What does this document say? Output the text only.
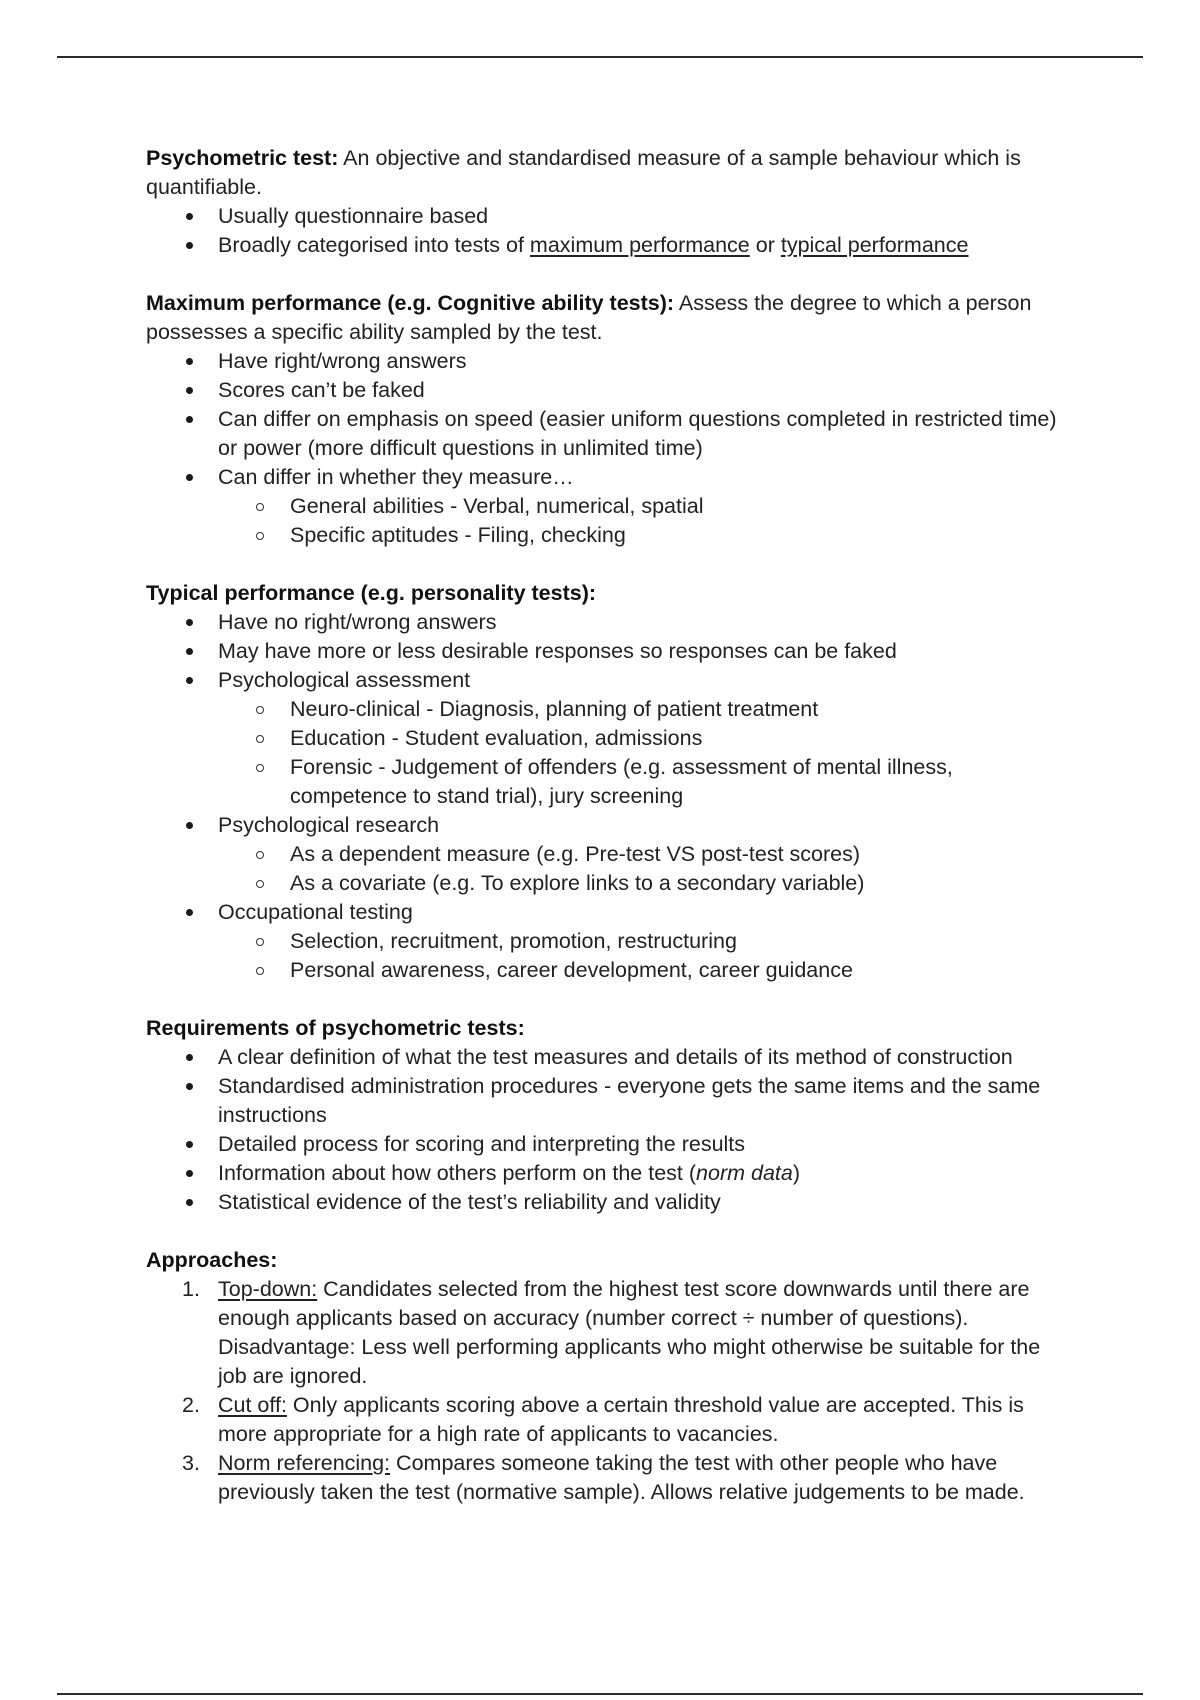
Psychometric test: An objective and standardised measure of a sample behaviour which is quantifiable.

Usually questionnaire based
Broadly categorised into tests of maximum performance or typical performance

Maximum performance (e.g. Cognitive ability tests): Assess the degree to which a person possesses a specific ability sampled by the test.

Have right/wrong answers
Scores can’t be faked
Can differ on emphasis on speed (easier uniform questions completed in restricted time) or power (more difficult questions in unlimited time)
Can differ in whether they measure…
General abilities - Verbal, numerical, spatial
Specific aptitudes - Filing, checking

Typical performance (e.g. personality tests):

Have no right/wrong answers
May have more or less desirable responses so responses can be faked
Psychological assessment
Neuro-clinical - Diagnosis, planning of patient treatment
Education - Student evaluation, admissions
Forensic - Judgement of offenders (e.g. assessment of mental illness, competence to stand trial), jury screening
Psychological research
As a dependent measure (e.g. Pre-test VS post-test scores)
As a covariate (e.g. To explore links to a secondary variable)
Occupational testing
Selection, recruitment, promotion, restructuring
Personal awareness, career development, career guidance

Requirements of psychometric tests:

A clear definition of what the test measures and details of its method of construction
Standardised administration procedures - everyone gets the same items and the same instructions
Detailed process for scoring and interpreting the results
Information about how others perform on the test (norm data)
Statistical evidence of the test’s reliability and validity

Approaches:

1. Top-down: Candidates selected from the highest test score downwards until there are enough applicants based on accuracy (number correct ÷ number of questions). Disadvantage: Less well performing applicants who might otherwise be suitable for the job are ignored.
2. Cut off: Only applicants scoring above a certain threshold value are accepted. This is more appropriate for a high rate of applicants to vacancies.
3. Norm referencing: Compares someone taking the test with other people who have previously taken the test (normative sample). Allows relative judgements to be made.
